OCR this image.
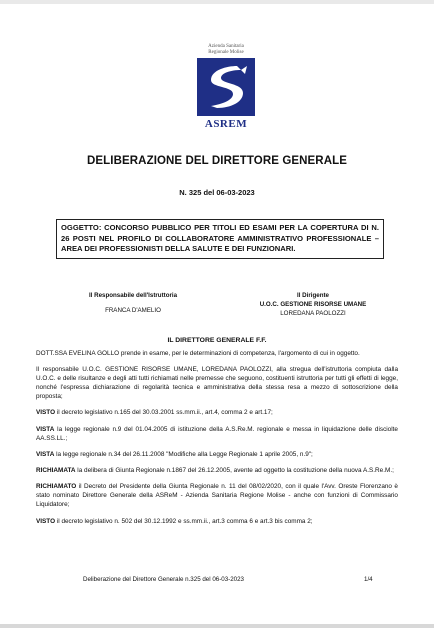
Azienda Sanitaria
Regionale Molise
ASREM
DELIBERAZIONE DEL DIRETTORE GENERALE
N. 325 del 06-03-2023
OGGETTO: CONCORSO PUBBLICO PER TITOLI ED ESAMI PER LA COPERTURA DI N. 26 POSTI NEL PROFILO DI COLLABORATORE AMMINISTRATIVO PROFESSIONALE – AREA DEI PROFESSIONISTI DELLA SALUTE E DEI FUNZIONARI.
Il Responsabile dell'Istruttoria
FRANCA D'AMELIO
Il Dirigente
U.O.C. GESTIONE RISORSE UMANE
LOREDANA PAOLOZZI
IL DIRETTORE GENERALE F.F.

DOTT.SSA EVELINA GOLLO prende in esame, per le determinazioni di competenza, l'argomento di cui in oggetto.

Il responsabile U.O.C. GESTIONE RISORSE UMANE, LOREDANA PAOLOZZI, alla stregua dell'istruttoria compiuta dalla U.O.C. e delle risultanze e degli atti tutti richiamati nelle premesse che seguono, costituenti istruttoria per tutti gli effetti di legge, nonché l'espressa dichiarazione di regolarità tecnica e amministrativa della stessa resa a mezzo di sottoscrizione della proposta;

VISTO il decreto legislativo n.165 del 30.03.2001 ss.mm.ii., art.4, comma 2 e art.17;

VISTA la legge regionale n.9 del 01.04.2005 di istituzione della A.S.Re.M. regionale e messa in liquidazione delle disciolte AA.SS.LL.;

VISTA la legge regionale n.34 del 26.11.2008 "Modifiche alla Legge Regionale 1 aprile 2005, n.9";

RICHIAMATA la delibera di Giunta Regionale n.1867 del 26.12.2005, avente ad oggetto la costituzione della nuova A.S.Re.M.;

RICHIAMATO il Decreto del Presidente della Giunta Regionale n. 11 del 08/02/2020, con il quale l'Avv. Oreste Florenzano è stato nominato Direttore Generale della ASReM - Azienda Sanitaria Regione Molise - anche con funzioni di Commissario Liquidatore;

VISTO il decreto legislativo n. 502 del 30.12.1992 e ss.mm.ii., art.3 comma 6 e art.3 bis comma 2;

Deliberazione del Direttore Generale n.325 del 06-03-2023	1/4
